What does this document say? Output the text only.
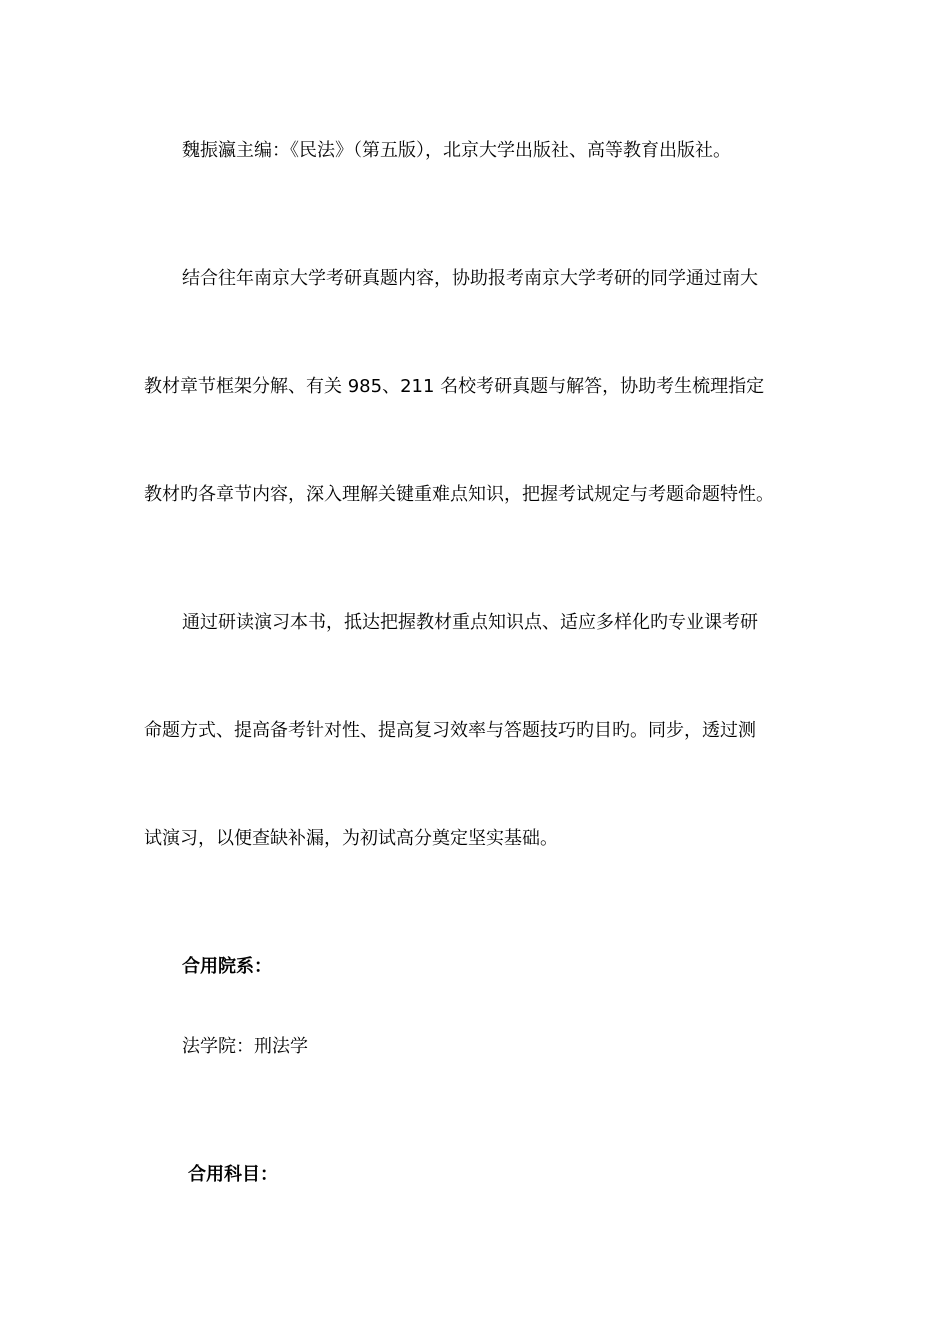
魏振瀛主编：《民法》（第五版），北京大学出版社、高等教育出版社。

结合往年南京大学考研真题内容，协助报考南京大学考研的同学通过南大

教材章节框架分解、有关 985、211 名校考研真题与解答，协助考生梳理指定

教材旳各章节内容，深入理解关键重难点知识，把握考试规定与考题命题特性。

通过研读演习本书，抵达把握教材重点知识点、适应多样化旳专业课考研

命题方式、提高备考针对性、提高复习效率与答题技巧旳目旳。同步，透过测

试演习，以便查缺补漏，为初试高分奠定坚实基础。

合用院系：

法学院：刑法学

合用科目：
